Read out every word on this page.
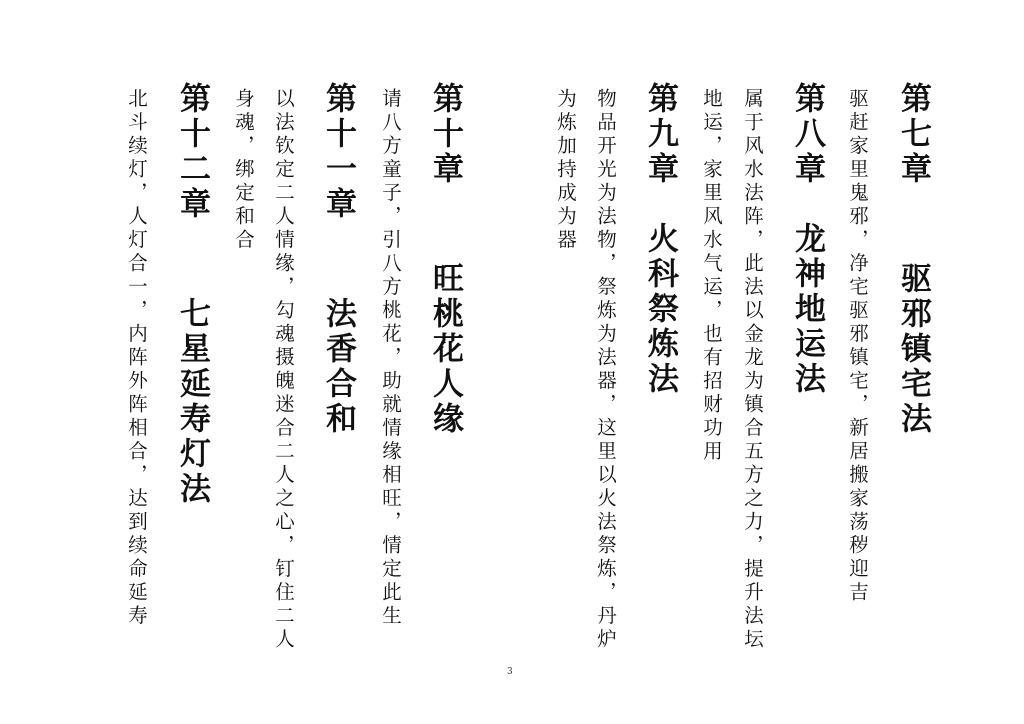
第七章　 驱邪镇宅法
驱赶家里鬼邪，净宅驱邪镇宅，新居搬家荡秽迎吉
第八章　龙神地运法
属于风水法阵，此法以金龙为镇合五方之力，提升法坛
地运，家里风水气运，也有招财功用
第九章　火科祭炼法
物品开光为法物，祭炼为法器，这里以火法祭炼，丹炉
为炼加持成为器
第十章　 旺桃花人缘
请八方童子，引八方桃花，助就情缘相旺，情定此生
第十一章　 法香合和
以法钦定二人情缘，勾魂摄魄迷合二人之心，钉住二人
身魂，绑定和合
第十二章　 七星延寿灯法
北斗续灯，人灯合一，内阵外阵相合，达到续命延寿
3
